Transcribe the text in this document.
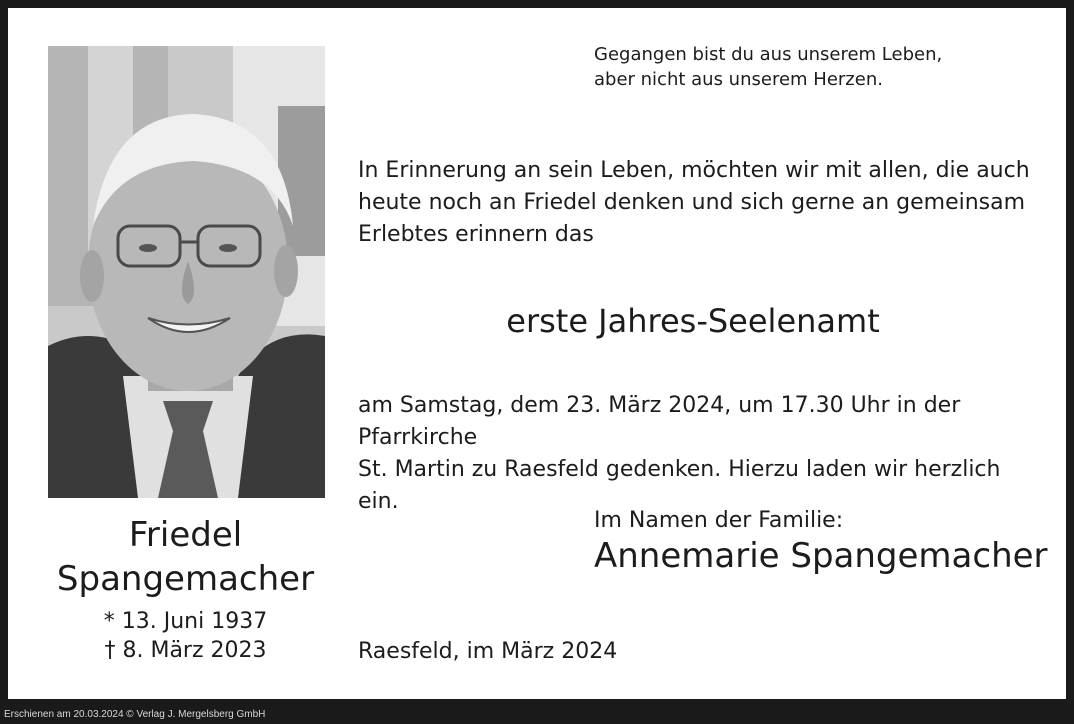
Friedel
Spangemacher
* 13. Juni 1937
† 8. März 2023
Gegangen bist du aus unserem Leben,
aber nicht aus unserem Herzen.
In Erinnerung an sein Leben, möchten wir mit allen, die auch
heute noch an Friedel denken und sich gerne an gemeinsam
Erlebtes erinnern das
erste Jahres-Seelenamt
am Samstag, dem 23. März 2024, um 17.30 Uhr in der Pfarrkirche
St. Martin zu Raesfeld gedenken. Hierzu laden wir herzlich ein.
Im Namen der Familie:
Annemarie Spangemacher
Raesfeld, im März 2024
Erschienen am 20.03.2024 © Verlag J. Mergelsberg GmbH
